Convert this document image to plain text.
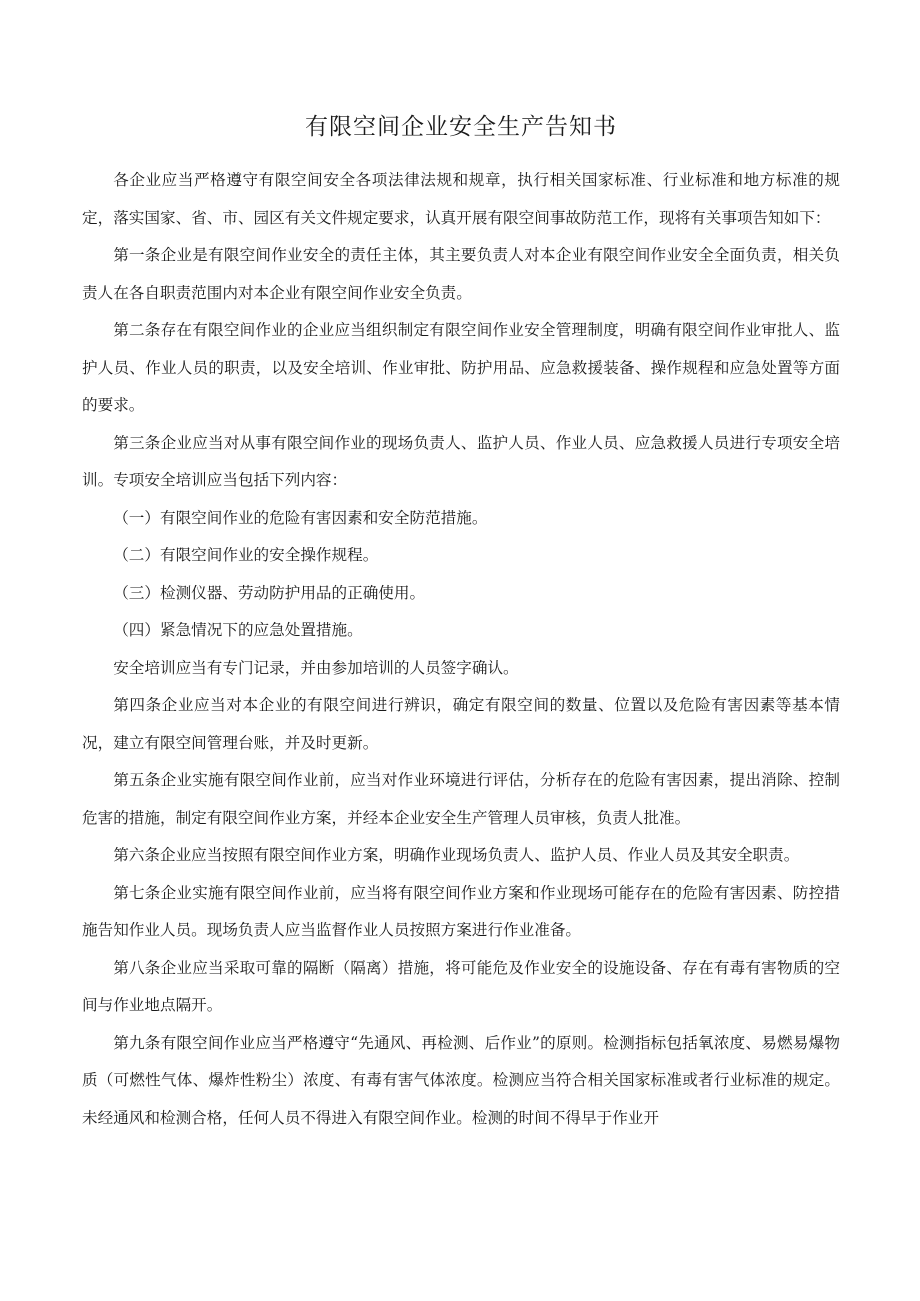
有限空间企业安全生产告知书

各企业应当严格遵守有限空间安全各项法律法规和规章，执行相关国家标准、行业标准和地方标准的规定，落实国家、省、市、园区有关文件规定要求，认真开展有限空间事故防范工作，现将有关事项告知如下：

第一条企业是有限空间作业安全的责任主体，其主要负责人对本企业有限空间作业安全全面负责，相关负责人在各自职责范围内对本企业有限空间作业安全负责。

第二条存在有限空间作业的企业应当组织制定有限空间作业安全管理制度，明确有限空间作业审批人、监护人员、作业人员的职责，以及安全培训、作业审批、防护用品、应急救援装备、操作规程和应急处置等方面的要求。

第三条企业应当对从事有限空间作业的现场负责人、监护人员、作业人员、应急救援人员进行专项安全培训。专项安全培训应当包括下列内容：

（一）有限空间作业的危险有害因素和安全防范措施。

（二）有限空间作业的安全操作规程。

（三）检测仪器、劳动防护用品的正确使用。

（四）紧急情况下的应急处置措施。

安全培训应当有专门记录，并由参加培训的人员签字确认。

第四条企业应当对本企业的有限空间进行辨识，确定有限空间的数量、位置以及危险有害因素等基本情况，建立有限空间管理台账，并及时更新。

第五条企业实施有限空间作业前，应当对作业环境进行评估，分析存在的危险有害因素，提出消除、控制危害的措施，制定有限空间作业方案，并经本企业安全生产管理人员审核，负责人批准。

第六条企业应当按照有限空间作业方案，明确作业现场负责人、监护人员、作业人员及其安全职责。

第七条企业实施有限空间作业前，应当将有限空间作业方案和作业现场可能存在的危险有害因素、防控措施告知作业人员。现场负责人应当监督作业人员按照方案进行作业准备。

第八条企业应当采取可靠的隔断（隔离）措施，将可能危及作业安全的设施设备、存在有毒有害物质的空间与作业地点隔开。

第九条有限空间作业应当严格遵守“先通风、再检测、后作业”的原则。检测指标包括氧浓度、易燃易爆物质（可燃性气体、爆炸性粉尘）浓度、有毒有害气体浓度。检测应当符合相关国家标准或者行业标准的规定。未经通风和检测合格，任何人员不得进入有限空间作业。检测的时间不得早于作业开
